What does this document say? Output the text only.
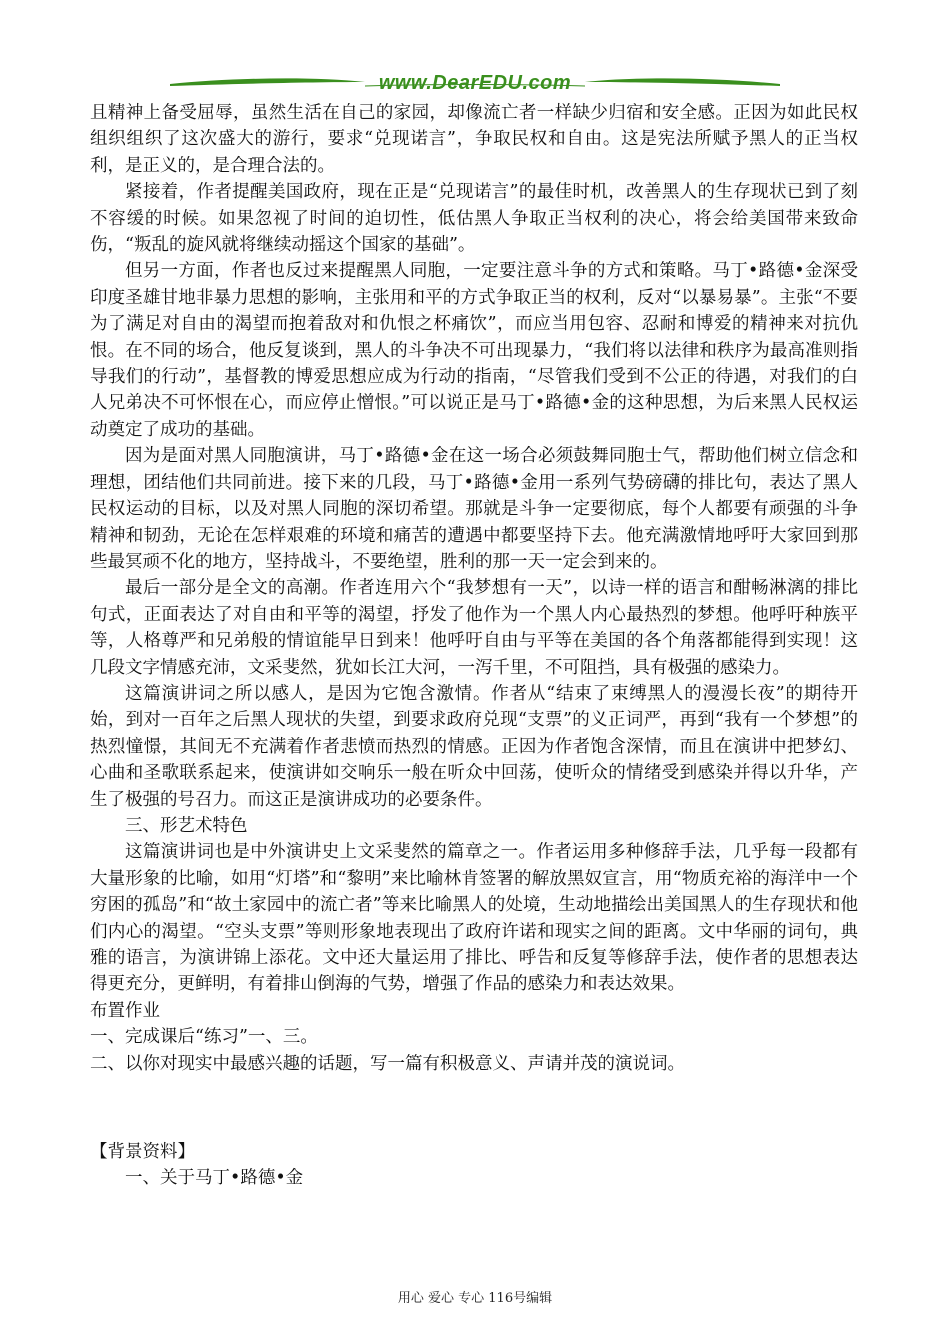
www.DearEDU.com

且精神上备受屈辱，虽然生活在自己的家园，却像流亡者一样缺少归宿和安全感。正因为如此民权组织组织了这次盛大的游行，要求“兑现诺言”，争取民权和自由。这是宪法所赋予黑人的正当权利，是正义的，是合理合法的。

紧接着，作者提醒美国政府，现在正是“兑现诺言”的最佳时机，改善黑人的生存现状已到了刻不容缓的时候。如果忽视了时间的迫切性，低估黑人争取正当权利的决心，将会给美国带来致命伤，“叛乱的旋风就将继续动摇这个国家的基础”。

但另一方面，作者也反过来提醒黑人同胞，一定要注意斗争的方式和策略。马丁•路德•金深受印度圣雄甘地非暴力思想的影响，主张用和平的方式争取正当的权利，反对“以暴易暴”。主张“不要为了满足对自由的渴望而抱着敌对和仇恨之杯痛饮”，而应当用包容、忍耐和博爱的精神来对抗仇恨。在不同的场合，他反复谈到，黑人的斗争决不可出现暴力，“我们将以法律和秩序为最高准则指导我们的行动”，基督教的博爱思想应成为行动的指南，“尽管我们受到不公正的待遇，对我们的白人兄弟决不可怀恨在心，而应停止憎恨。”可以说正是马丁•路德•金的这种思想，为后来黑人民权运动奠定了成功的基础。

因为是面对黑人同胞演讲，马丁•路德•金在这一场合必须鼓舞同胞士气，帮助他们树立信念和理想，团结他们共同前进。接下来的几段，马丁•路德•金用一系列气势磅礴的排比句，表达了黑人民权运动的目标，以及对黑人同胞的深切希望。那就是斗争一定要彻底，每个人都要有顽强的斗争精神和韧劲，无论在怎样艰难的环境和痛苦的遭遇中都要坚持下去。他充满激情地呼吁大家回到那些最冥顽不化的地方，坚持战斗，不要绝望，胜利的那一天一定会到来的。

最后一部分是全文的高潮。作者连用六个“我梦想有一天”，以诗一样的语言和酣畅淋漓的排比句式，正面表达了对自由和平等的渴望，抒发了他作为一个黑人内心最热烈的梦想。他呼吁种族平等，人格尊严和兄弟般的情谊能早日到来！他呼吁自由与平等在美国的各个角落都能得到实现！这几段文字情感充沛，文采斐然，犹如长江大河，一泻千里，不可阻挡，具有极强的感染力。

这篇演讲词之所以感人，是因为它饱含激情。作者从“结束了束缚黑人的漫漫长夜”的期待开始，到对一百年之后黑人现状的失望，到要求政府兑现“支票”的义正词严，再到“我有一个梦想”的热烈憧憬，其间无不充满着作者悲愤而热烈的情感。正因为作者饱含深情，而且在演讲中把梦幻、心曲和圣歌联系起来，使演讲如交响乐一般在听众中回荡，使听众的情绪受到感染并得以升华，产生了极强的号召力。而这正是演讲成功的必要条件。

三、形艺术特色

这篇演讲词也是中外演讲史上文采斐然的篇章之一。作者运用多种修辞手法，几乎每一段都有大量形象的比喻，如用“灯塔”和“黎明”来比喻林肯签署的解放黑奴宣言，用“物质充裕的海洋中一个穷困的孤岛”和“故土家园中的流亡者”等来比喻黑人的处境，生动地描绘出美国黑人的生存现状和他们内心的渴望。“空头支票”等则形象地表现出了政府许诺和现实之间的距离。文中华丽的词句，典雅的语言，为演讲锦上添花。文中还大量运用了排比、呼告和反复等修辞手法，使作者的思想表达得更充分，更鲜明，有着排山倒海的气势，增强了作品的感染力和表达效果。

布置作业

一、完成课后“练习”一、三。

二、以你对现实中最感兴趣的话题，写一篇有积极意义、声请并茂的演说词。

【背景资料】

一、关于马丁•路德•金

用心 爱心 专心 116号编辑
